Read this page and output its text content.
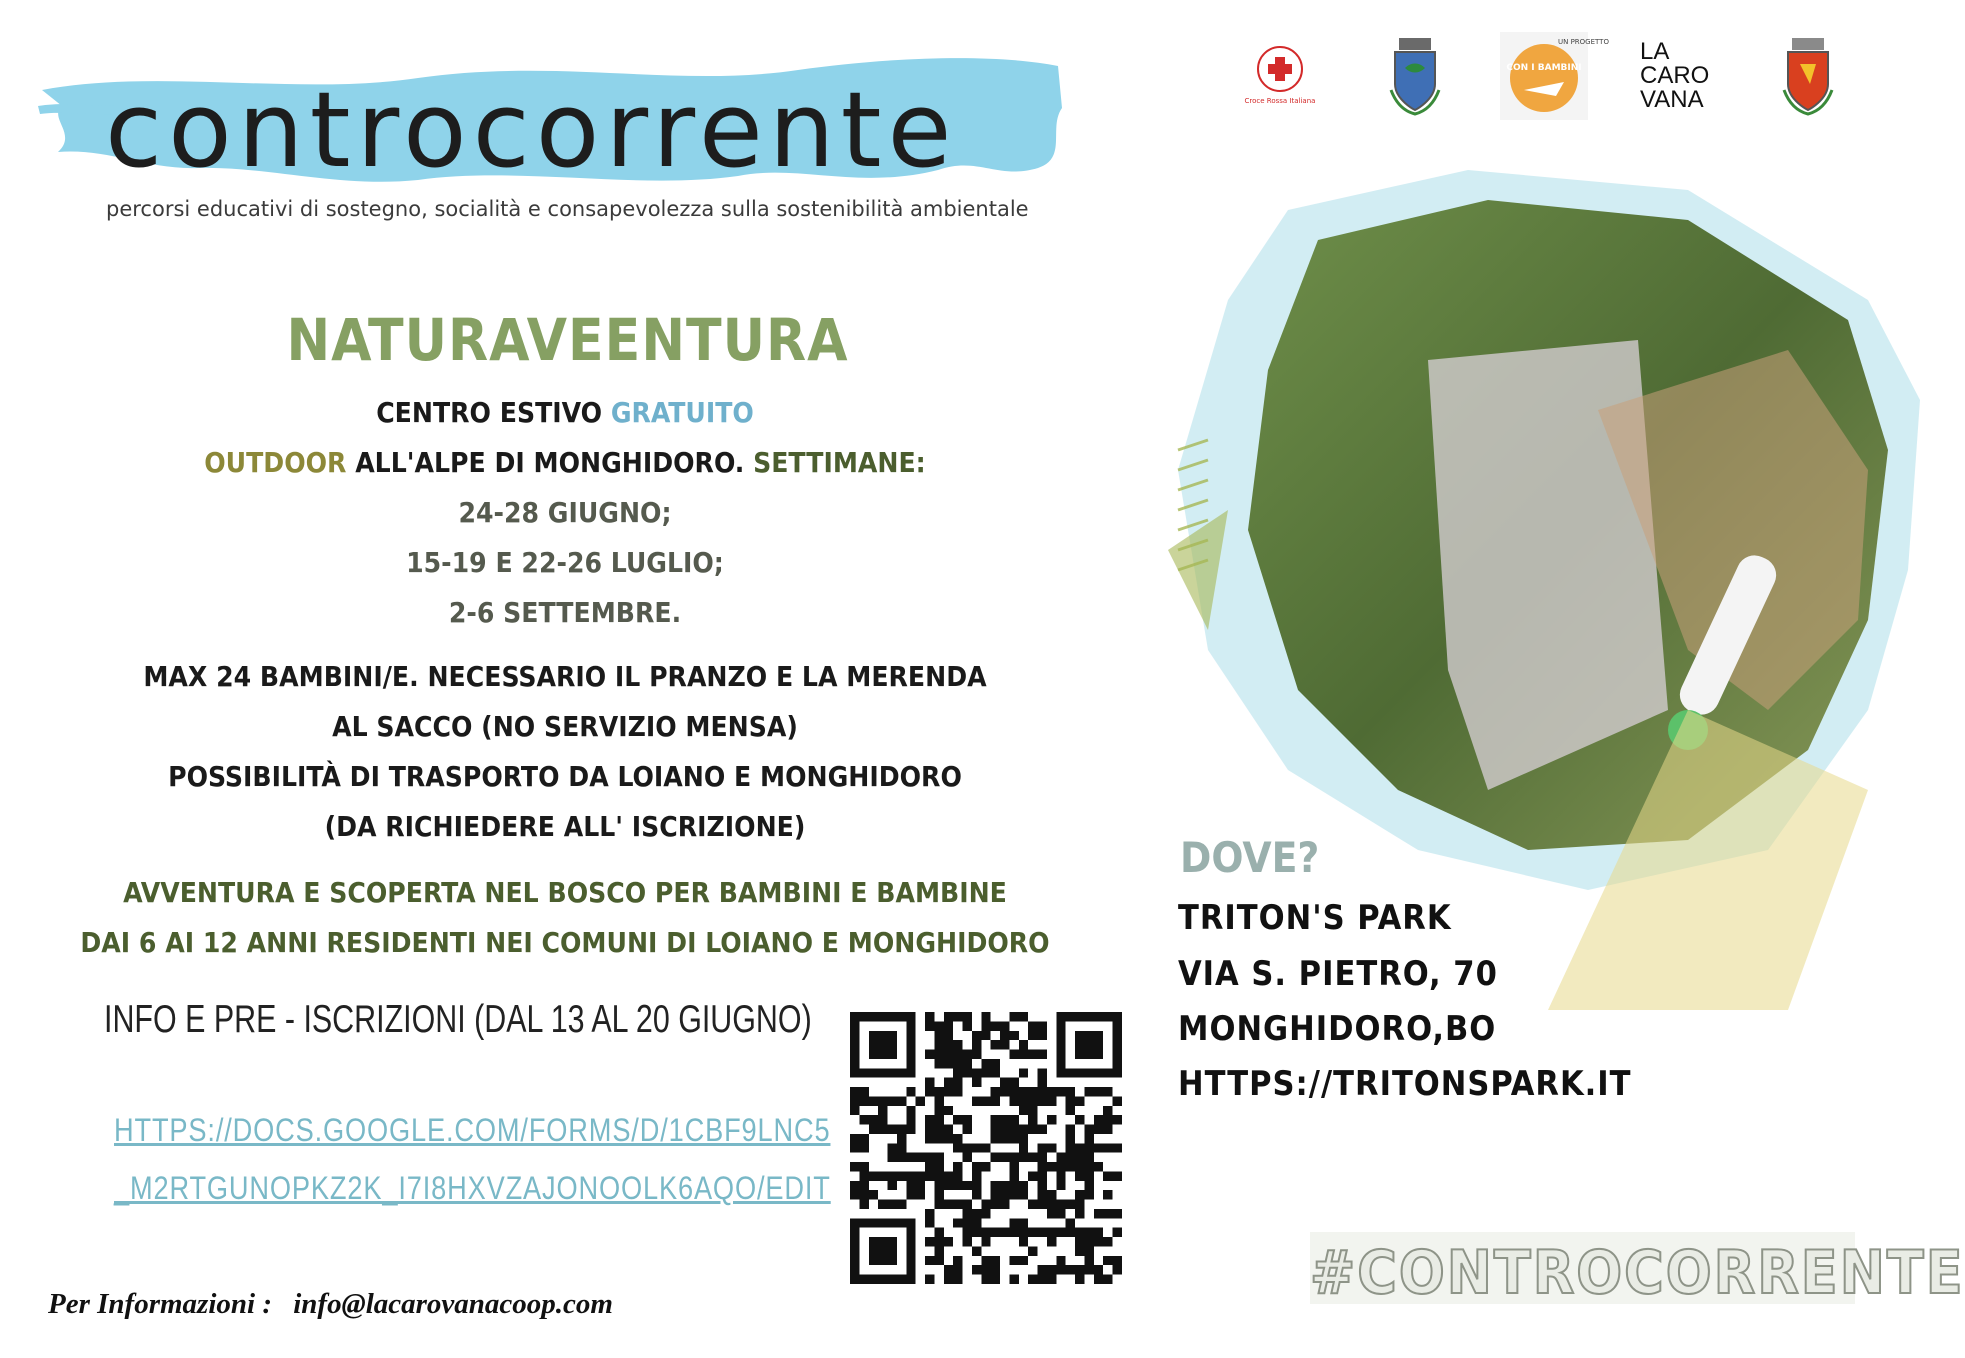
controcorrente
percorsi educativi di sostegno, socialità e consapevolezza sulla sostenibilità ambientale
Croce Rossa Italiana
UN PROGETTO
CON I BAMBINI
LA
CARO
VANA
NATURAVEENTURA
CENTRO ESTIVO GRATUITO
OUTDOOR ALL'ALPE DI MONGHIDORO. SETTIMANE:
24-28 GIUGNO;
15-19 E 22-26 LUGLIO;
2-6 SETTEMBRE.
MAX 24 BAMBINI/E. NECESSARIO IL PRANZO E LA MERENDA
AL SACCO (NO SERVIZIO MENSA)
POSSIBILITÀ DI TRASPORTO DA LOIANO E MONGHIDORO
(DA RICHIEDERE ALL' ISCRIZIONE)
AVVENTURA E SCOPERTA NEL BOSCO PER BAMBINI E BAMBINE
DAI 6 AI 12 ANNI RESIDENTI NEI COMUNI DI LOIANO E MONGHIDORO
INFO E PRE - ISCRIZIONI (DAL 13 AL 20 GIUGNO)
HTTPS://DOCS.GOOGLE.COM/FORMS/D/1CBF9LNC5
_M2RTGUNOPKZ2K_I7I8HXVZAJONOOLK6AQO/EDIT
Per Informazioni : info@lacarovanacoop.com
DOVE?
TRITON'S PARK
VIA S. PIETRO, 70
MONGHIDORO,BO
HTTPS://TRITONSPARK.IT
#CONTROCORRENTE
